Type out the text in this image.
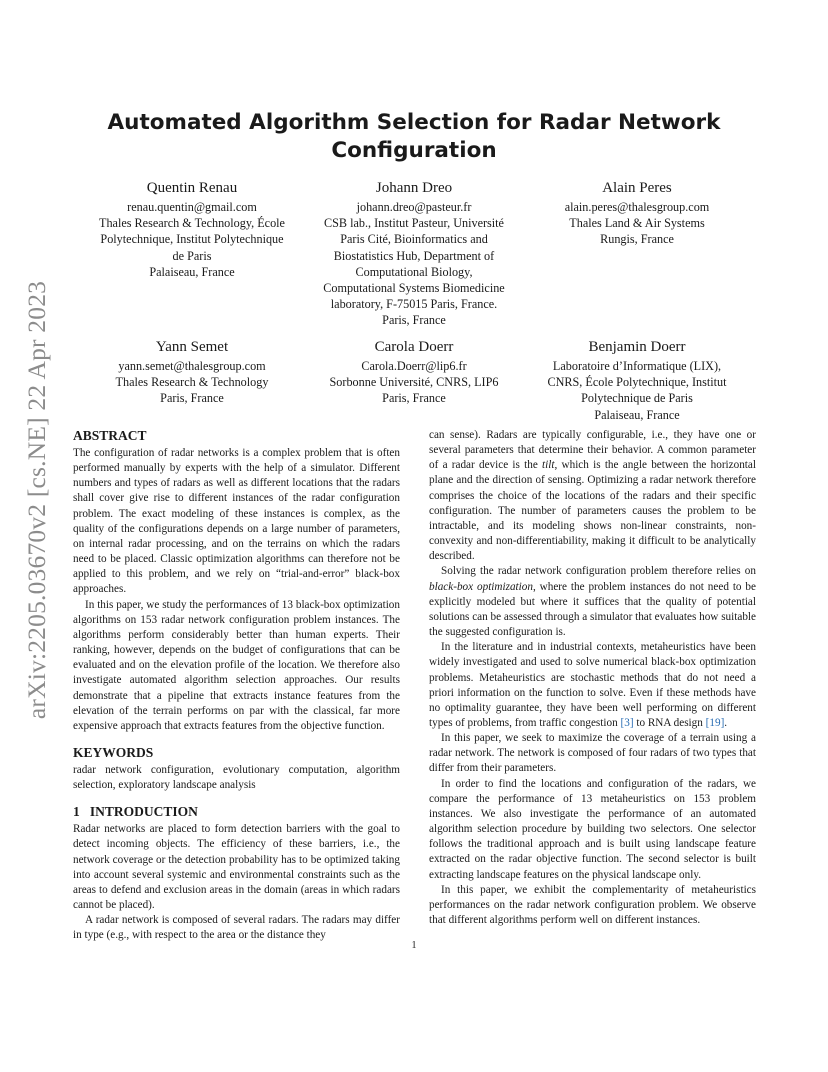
arXiv:2205.03670v2 [cs.NE] 22 Apr 2023
Automated Algorithm Selection for Radar Network Configuration
Quentin Renau
renau.quentin@gmail.com
Thales Research & Technology, École
Polytechnique, Institut Polytechnique
de Paris
Palaiseau, France
Johann Dreo
johann.dreo@pasteur.fr
CSB lab., Institut Pasteur, Université
Paris Cité, Bioinformatics and
Biostatistics Hub, Department of
Computational Biology,
Computational Systems Biomedicine
laboratory, F-75015 Paris, France.
Paris, France
Alain Peres
alain.peres@thalesgroup.com
Thales Land & Air Systems
Rungis, France
Yann Semet
yann.semet@thalesgroup.com
Thales Research & Technology
Paris, France
Carola Doerr
Carola.Doerr@lip6.fr
Sorbonne Université, CNRS, LIP6
Paris, France
Benjamin Doerr
Laboratoire d’Informatique (LIX),
CNRS, École Polytechnique, Institut
Polytechnique de Paris
Palaiseau, France
ABSTRACT

The configuration of radar networks is a complex problem that is often performed manually by experts with the help of a simulator. Different numbers and types of radars as well as different locations that the radars shall cover give rise to different instances of the radar configuration problem. The exact modeling of these instances is complex, as the quality of the configurations depends on a large number of parameters, on internal radar processing, and on the terrains on which the radars need to be placed. Classic optimization algorithms can therefore not be applied to this problem, and we rely on “trial-and-error” black-box approaches.

In this paper, we study the performances of 13 black-box optimization algorithms on 153 radar network configuration problem instances. The algorithms perform considerably better than human experts. Their ranking, however, depends on the budget of configurations that can be evaluated and on the elevation profile of the location. We therefore also investigate automated algorithm selection approaches. Our results demonstrate that a pipeline that extracts instance features from the elevation of the terrain performs on par with the classical, far more expensive approach that extracts features from the objective function.

KEYWORDS

radar network configuration, evolutionary computation, algorithm selection, exploratory landscape analysis

1   INTRODUCTION

Radar networks are placed to form detection barriers with the goal to detect incoming objects. The efficiency of these barriers, i.e., the network coverage or the detection probability has to be optimized taking into account several systemic and environmental constraints such as the areas to defend and exclusion areas in the domain (areas in which radars cannot be placed).

A radar network is composed of several radars. The radars may differ in type (e.g., with respect to the area or the distance they

can sense). Radars are typically configurable, i.e., they have one or several parameters that determine their behavior. A common parameter of a radar device is the tilt, which is the angle between the horizontal plane and the direction of sensing. Optimizing a radar network therefore comprises the choice of the locations of the radars and their specific configuration. The number of parameters causes the problem to be intractable, and its modeling shows non-linear constraints, non-convexity and non-differentiability, making it difficult to be analytically described.

Solving the radar network configuration problem therefore relies on black-box optimization, where the problem instances do not need to be explicitly modeled but where it suffices that the quality of potential solutions can be assessed through a simulator that evaluates how suitable the suggested configuration is.

In the literature and in industrial contexts, metaheuristics have been widely investigated and used to solve numerical black-box optimization problems. Metaheuristics are stochastic methods that do not need a priori information on the function to solve. Even if these methods have no optimality guarantee, they have been well performing on different types of problems, from traffic congestion [3] to RNA design [19].

In this paper, we seek to maximize the coverage of a terrain using a radar network. The network is composed of four radars of two types that differ from their parameters.

In order to find the locations and configuration of the radars, we compare the performance of 13 metaheuristics on 153 problem instances. We also investigate the performance of an automated algorithm selection procedure by building two selectors. One selector follows the traditional approach and is built using landscape feature extracted on the radar objective function. The second selector is built extracting landscape features on the physical landscape only.

In this paper, we exhibit the complementarity of metaheuristics performances on the radar network configuration problem. We observe that different algorithms perform well on different instances.

1
